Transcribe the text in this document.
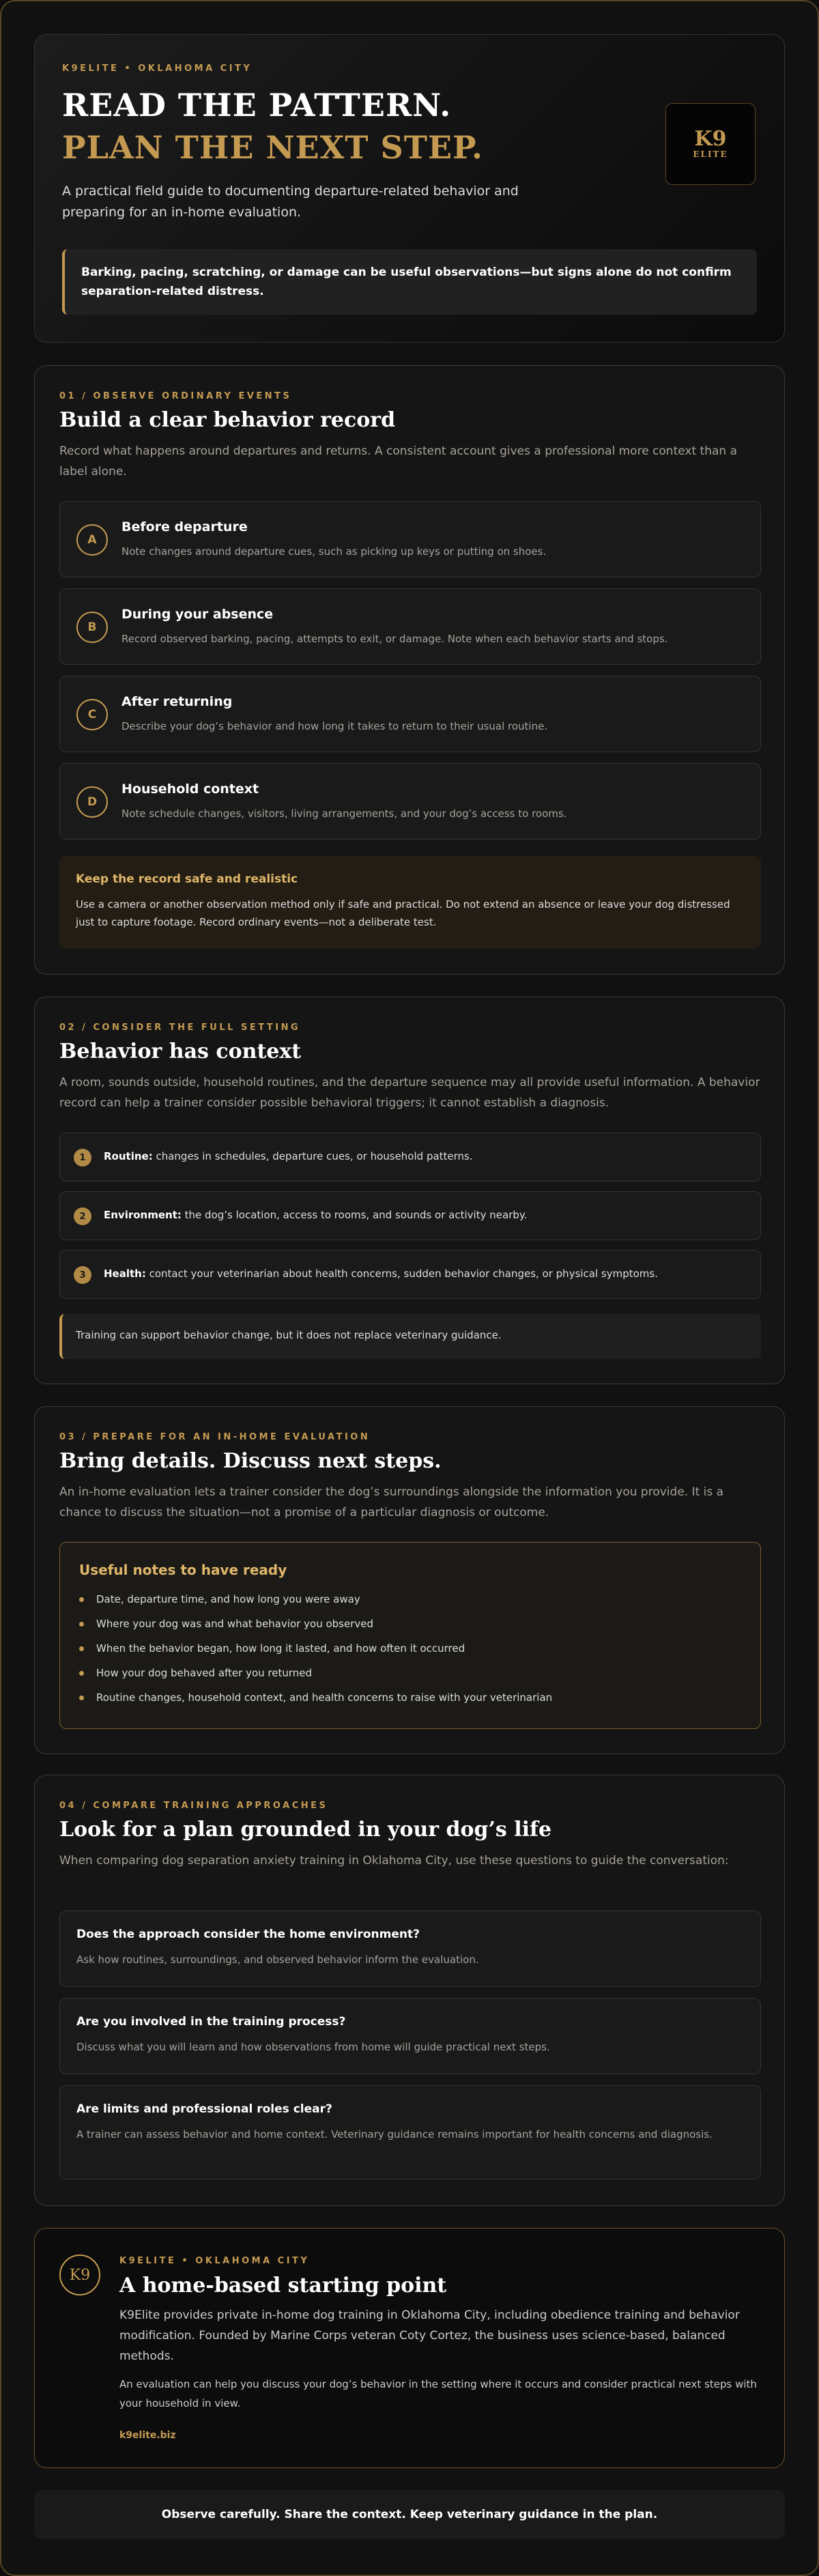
K9ELITE • OKLAHOMA CITY
READ THE PATTERN.
PLAN THE NEXT STEP.
A practical field guide to documenting departure-related behavior and preparing for an in-home evaluation.
K9
ELITE
Barking, pacing, scratching, or damage can be useful observations—but signs alone do not confirm separation-related distress.
01 / OBSERVE ORDINARY EVENTS
Build a clear behavior record
Record what happens around departures and returns. A consistent account gives a professional more context than a label alone.
A
Before departure
Note changes around departure cues, such as picking up keys or putting on shoes.
B
During your absence
Record observed barking, pacing, attempts to exit, or damage. Note when each behavior starts and stops.
C
After returning
Describe your dog’s behavior and how long it takes to return to their usual routine.
D
Household context
Note schedule changes, visitors, living arrangements, and your dog’s access to rooms.
Keep the record safe and realistic
Use a camera or another observation method only if safe and practical. Do not extend an absence or leave your dog distressed just to capture footage. Record ordinary events—not a deliberate test.
02 / CONSIDER THE FULL SETTING
Behavior has context
A room, sounds outside, household routines, and the departure sequence may all provide useful information. A behavior record can help a trainer consider possible behavioral triggers; it cannot establish a diagnosis.
1	Routine: changes in schedules, departure cues, or household patterns.
2	Environment: the dog’s location, access to rooms, and sounds or activity nearby.
3	Health: contact your veterinarian about health concerns, sudden behavior changes, or physical symptoms.
Training can support behavior change, but it does not replace veterinary guidance.
03 / PREPARE FOR AN IN-HOME EVALUATION
Bring details. Discuss next steps.
An in-home evaluation lets a trainer consider the dog’s surroundings alongside the information you provide. It is a chance to discuss the situation—not a promise of a particular diagnosis or outcome.
Useful notes to have ready
Date, departure time, and how long you were away
Where your dog was and what behavior you observed
When the behavior began, how long it lasted, and how often it occurred
How your dog behaved after you returned
Routine changes, household context, and health concerns to raise with your veterinarian
04 / COMPARE TRAINING APPROACHES
Look for a plan grounded in your dog’s life
When comparing dog separation anxiety training in Oklahoma City, use these questions to guide the conversation:
Does the approach consider the home environment?
Ask how routines, surroundings, and observed behavior inform the evaluation.
Are you involved in the training process?
Discuss what you will learn and how observations from home will guide practical next steps.
Are limits and professional roles clear?
A trainer can assess behavior and home context. Veterinary guidance remains important for health concerns and diagnosis.
K9
K9ELITE • OKLAHOMA CITY
A home-based starting point
K9Elite provides private in-home dog training in Oklahoma City, including obedience training and behavior modification. Founded by Marine Corps veteran Coty Cortez, the business uses science-based, balanced methods.
An evaluation can help you discuss your dog’s behavior in the setting where it occurs and consider practical next steps with your household in view.
k9elite.biz
Observe carefully. Share the context. Keep veterinary guidance in the plan.
